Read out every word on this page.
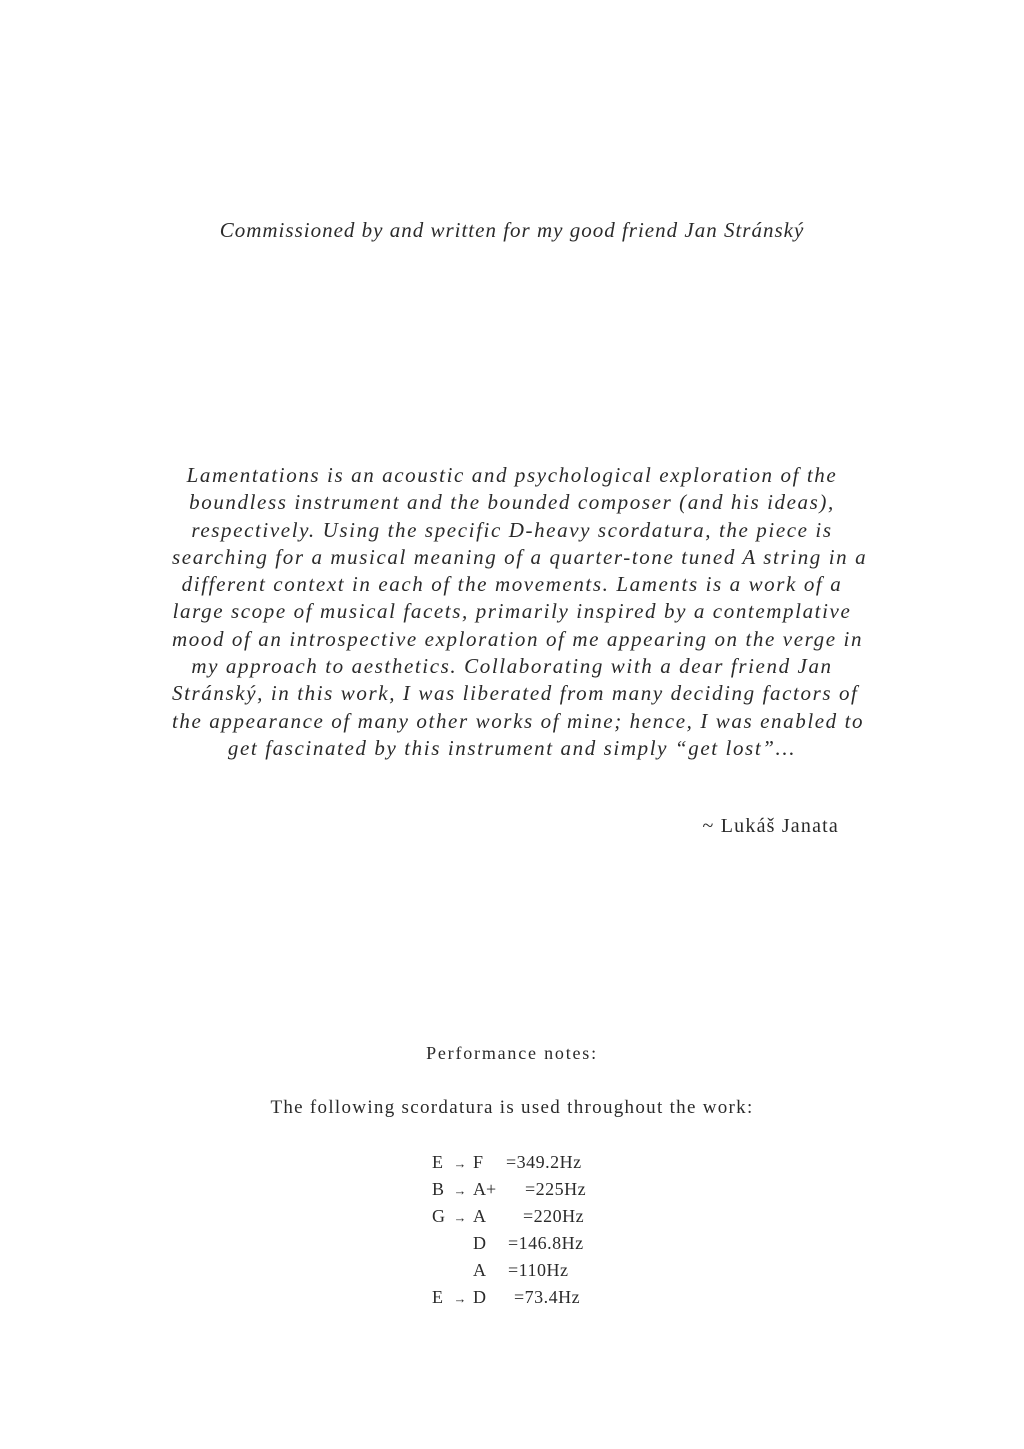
Commissioned by and written for my good friend Jan Stránský
Lamentations is an acoustic and psychological exploration of the
boundless instrument and the bounded composer (and his ideas),
respectively. Using the specific D-heavy scordatura, the piece is
searching for a musical meaning of a quarter-tone tuned A string in a
different context in each of the movements. Laments is a work of a
large scope of musical facets, primarily inspired by a contemplative
mood of an introspective exploration of me appearing on the verge in
my approach to aesthetics. Collaborating with a dear friend Jan
Stránský, in this work, I was liberated from many deciding factors of
the appearance of many other works of mine; hence, I was enabled to
get fascinated by this instrument and simply “get lost”...
~ Lukáš Janata
Performance notes:
The following scordatura is used throughout the work:
E → F =349.2Hz
B → A+ =225Hz
G → A =220Hz
D =146.8Hz
A =110Hz
E → D =73.4Hz
